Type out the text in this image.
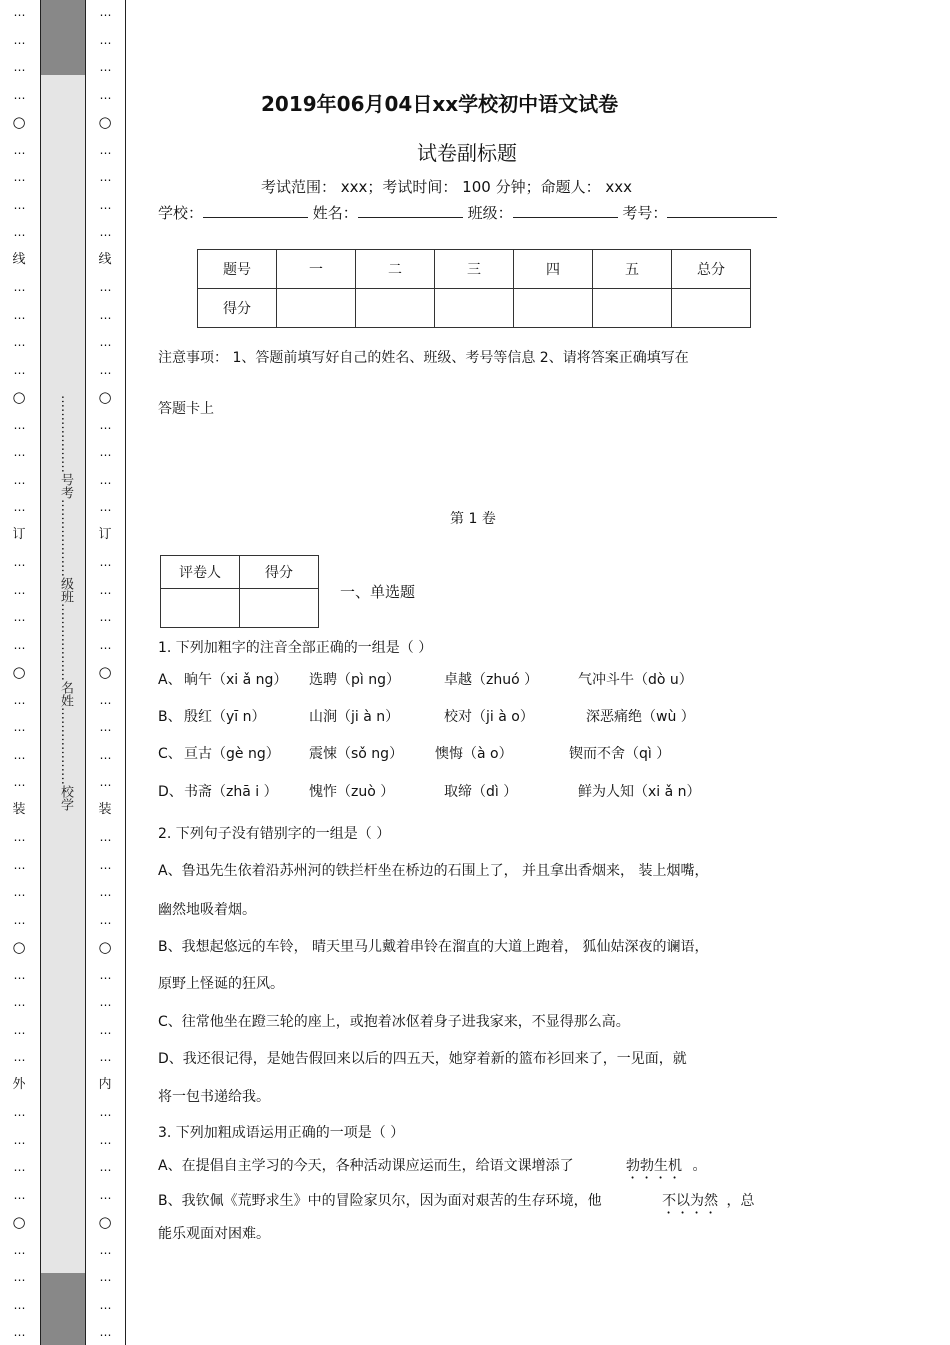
………………号考………………级班………………名姓………………校学
…
…
…
…
○
…
…
…
…
线
…
…
…
…
○
…
…
…
…
订
…
…
…
…
○
…
…
…
…
装
…
…
…
…
○
…
…
…
…
外
…
…
…
…
○
…
…
…
…
…
…
…
…
○
…
…
…
…
线
…
…
…
…
○
…
…
…
…
订
…
…
…
…
○
…
…
…
…
装
…
…
…
…
○
…
…
…
…
内
…
…
…
…
○
…
…
…
…
2019年06月04日xx学校初中语文试卷
试卷副标题
考试范围： xxx；考试时间： 100 分钟；命题人： xxx
学校：	姓名：	班级：	考号：
题号	一	二	三	四	五	总分
得分						
注意事项： 1、答题前填写好自己的姓名、班级、考号等信息 2、请将答案正确填写在
答题卡上
第 1 卷
评卷人	得分

一、单选题
1. 下列加粗字的注音全部正确的一组是（ ）
A、 晌午（xi ǎ ng） 选聘（pì ng）	卓越（zhuó ）	气冲斗牛（dò u）
B、 殷红（yī n）	山涧（ji à n）	校对（ji à o）	深恶痛绝（wù ）
C、 亘古（gè ng） 震悚（sǒ ng） 懊悔（à o）	锲而不舍（qì ）
D、 书斋（zhā i ） 愧怍（zuò ）	取缔（dì ）	鲜为人知（xi ǎ n）
2. 下列句子没有错别字的一组是（ ）
A、鲁迅先生依着沿苏州河的铁拦杆坐在桥边的石围上了， 并且拿出香烟来， 装上烟嘴，
幽然地吸着烟。
B、我想起悠远的车铃， 晴天里马儿戴着串铃在溜直的大道上跑着， 狐仙姑深夜的谰语，
原野上怪诞的狂风。
C、往常他坐在蹬三轮的座上，或抱着冰伛着身子进我家来，不显得那么高。
D、我还很记得，是她告假回来以后的四五天，她穿着新的篮布衫回来了，一见面，就
将一包书递给我。
3. 下列加粗成语运用正确的一项是（ ）
A、在提倡自主学习的今天，各种活动课应运而生，给语文课增添了	勃勃生机 。
B、我钦佩《荒野求生》中的冒险家贝尔，因为面对艰苦的生存环境，他	不以为然 ，总
能乐观面对困难。
